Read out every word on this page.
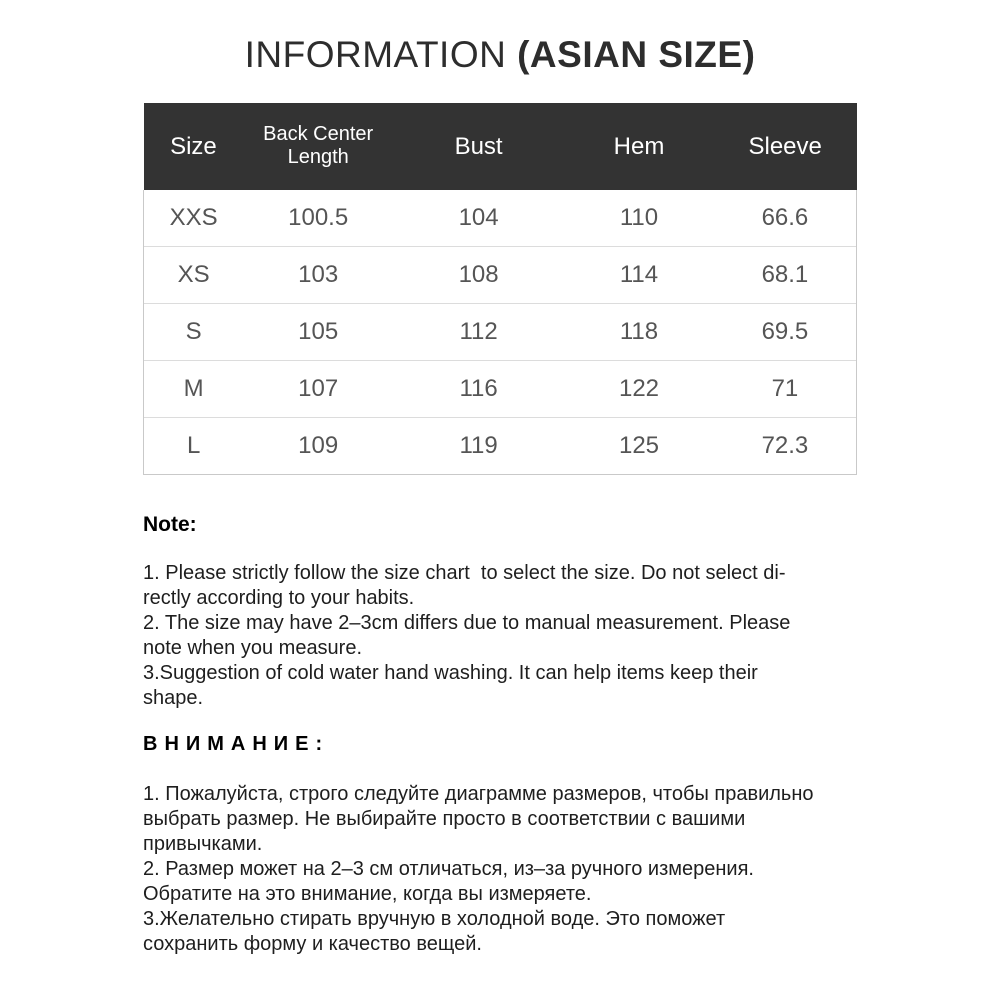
INFORMATION (ASIAN SIZE)
Size	Back Center Length	Bust	Hem	Sleeve
XXS	100.5	104	110	66.6
XS	103	108	114	68.1
S	105	112	118	69.5
M	107	116	122	71
L	109	119	125	72.3
Note:
1. Please strictly follow the size chart  to select the size. Do not select di-
rectly according to your habits.
2. The size may have 2–3cm differs due to manual measurement. Please
note when you measure.
3.Suggestion of cold water hand washing. It can help items keep their
shape.
ВНИМАНИЕ:
1. Пожалуйста, строго следуйте диаграмме размеров, чтобы правильно
выбрать размер. Не выбирайте просто в соответствии с вашими
привычками.
2. Размер может на 2–3 см отличаться, из–за ручного измерения.
Обратите на это внимание, когда вы измеряете.
3.Желательно стирать вручную в холодной воде. Это поможет
сохранить форму и качество вещей.
